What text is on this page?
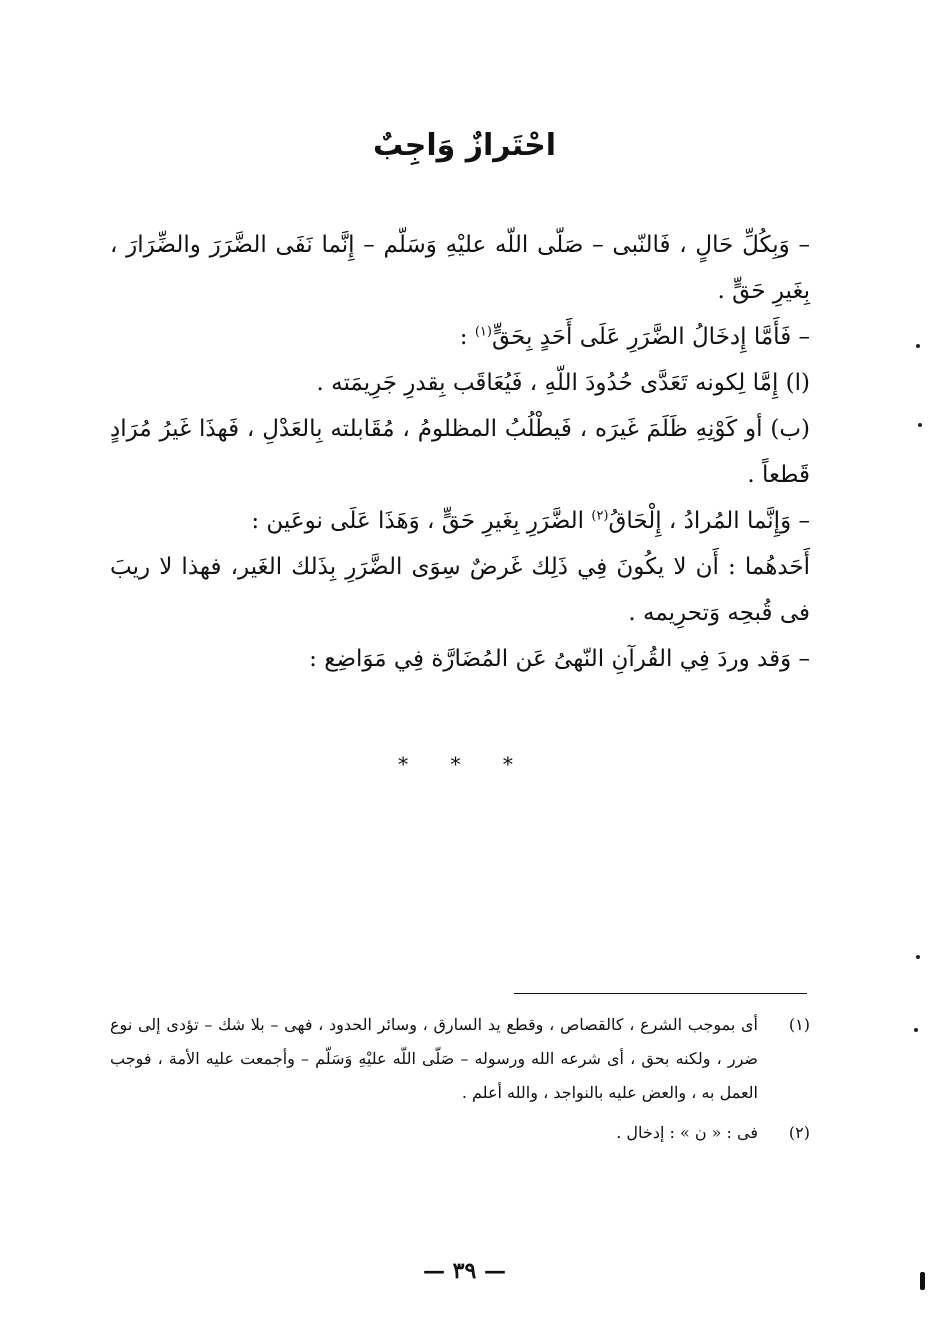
احْتَرازٌ وَاجِبٌ

– وَبِكُلِّ حَالٍ ، فَالنّبى – صَلّى اللّه عليْهِ وَسَلّم – إِنَّما نَفَى الضَّرَرَ والضِّرَارَ ، بِغَيرِ حَقٍّ .

– فَأَمَّا إِدخَالُ الضَّرَرِ عَلَى أَحَدٍ بِحَقٍّ$^{(١)}$ :

(ا) إِمَّا لِكونه تَعَدَّى حُدُودَ اللّهِ ، فَيُعَاقَب بِقدرِ جَرِيمَته .

(ب) أو كَوْنِهِ ظَلَمَ غَيرَه ، فَيطْلُبُ المظلومُ ، مُقَابلته بِالعَدْلِ ، فَهذَا غَيرُ مُرَادٍ قَطعاً .

– وَإِنَّما المُرادُ ، إِلْحَاقُ$^{(٢)}$ الضَّرَرِ بِغَيرِ حَقٍّ ، وَهَذَا عَلَى نوعَين :

أَحَدهُما : أَن لا يكُونَ فِي ذَلِك غَرضٌ سِوَى الضَّرَرِ بِذَلك الغَير، فهذا لا ريبَ فى قُبحِه وَتحرِيمه .

– وَقد وردَ فِي القُرآنِ النّهىُ عَن المُضَارَّة فِي مَوَاضِع :

* * *
(١)
أى بموجب الشرع ، كالقصاص ، وقطع يد السارق ، وسائر الحدود ، فهى – بلا شك – تؤدى إلى نوع ضرر ، ولكنه بحق ، أى شرعه الله ورسوله – صَلّى اللّه عليْهِ وَسَلّم – وأجمعت عليه الأمة ، فوجب العمل به ، والعض عليه بالنواجد ، والله أعلم .
(٢)
فى : « ن » : إدخال .
— ٣٩ —
